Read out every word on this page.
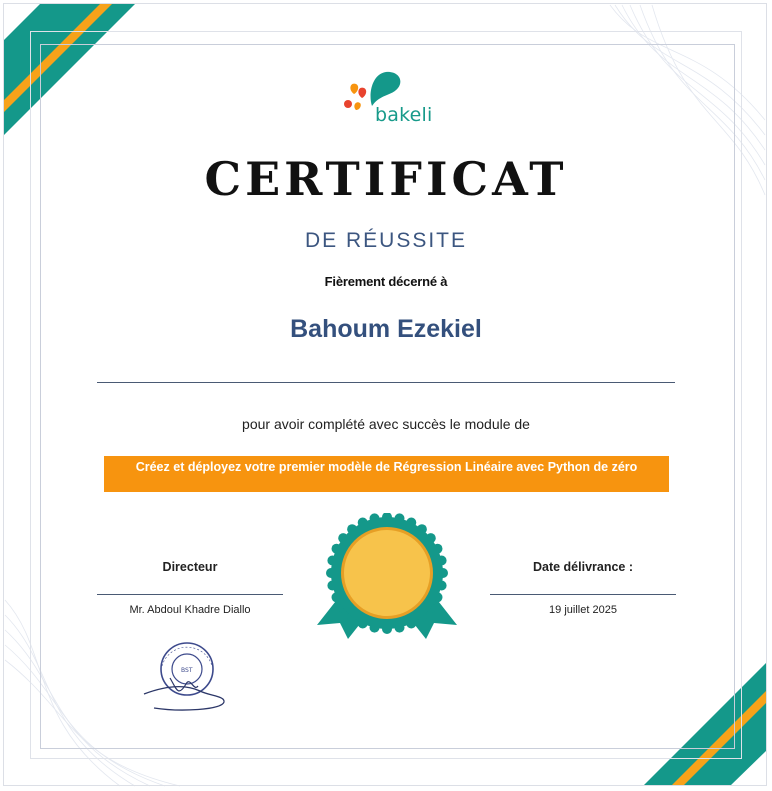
bakeli
CERTIFICAT
DE RÉUSSITE
Fièrement décerné à
Bahoum Ezekiel
pour avoir complété avec succès le module de
Créez et déployez votre premier modèle de Régression Linéaire avec Python de zéro
Directeur
Mr. Abdoul Khadre Diallo
Date délivrance :
19 juillet 2025
BST
